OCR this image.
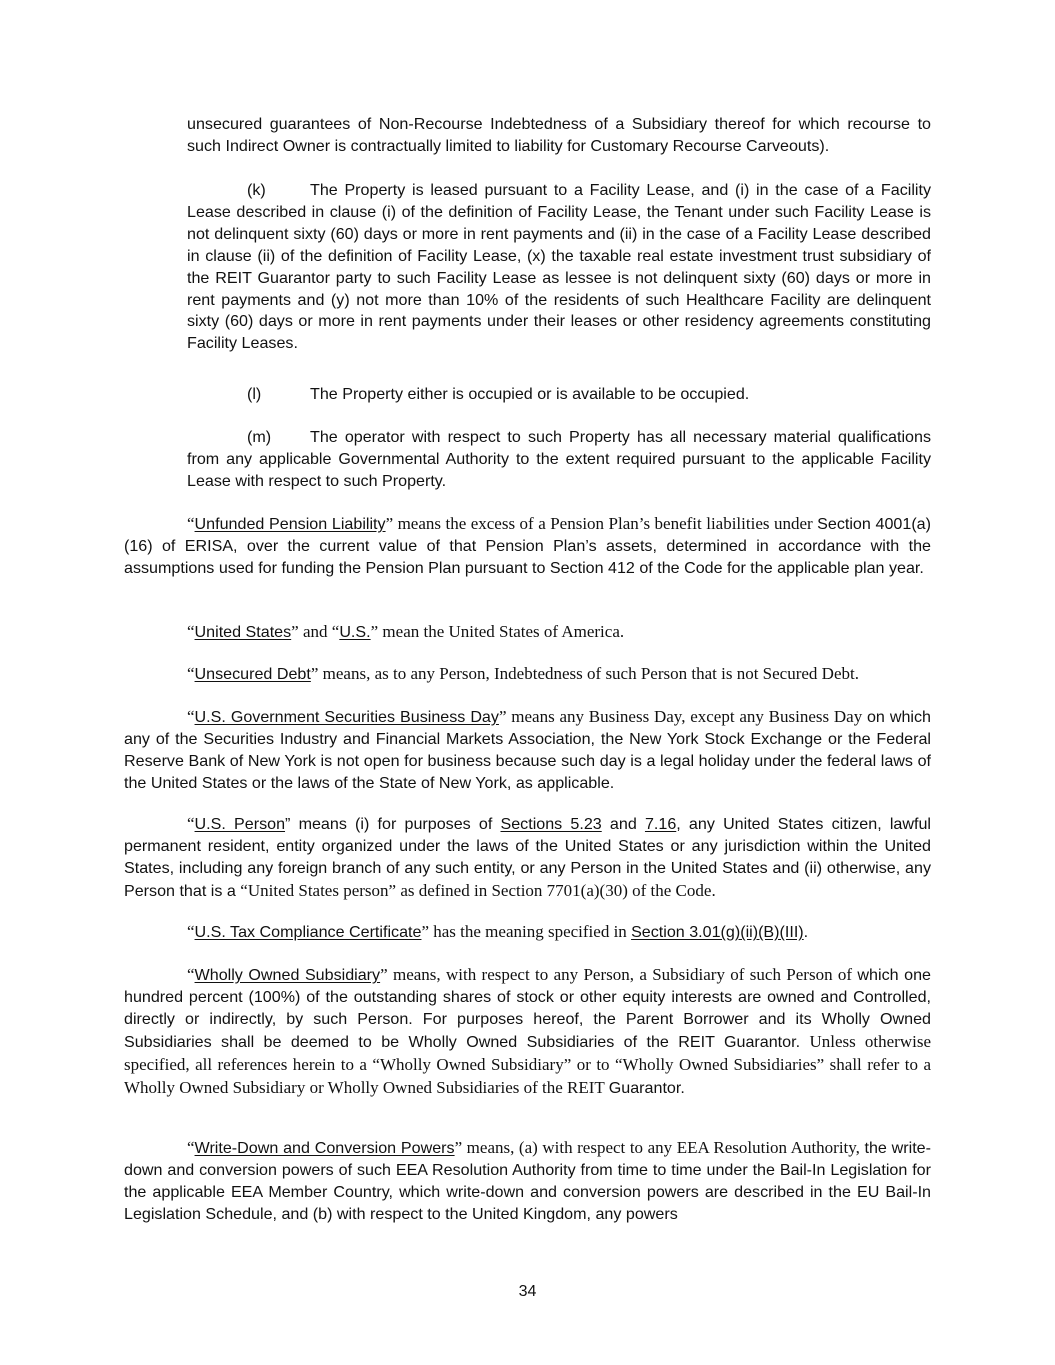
unsecured guarantees of Non-Recourse Indebtedness of a Subsidiary thereof for which recourse to such Indirect Owner is contractually limited to liability for Customary Recourse Carveouts).

(k)	The Property is leased pursuant to a Facility Lease, and (i) in the case of a Facility Lease described in clause (i) of the definition of Facility Lease, the Tenant under such Facility Lease is not delinquent sixty (60) days or more in rent payments and (ii) in the case of a Facility Lease described in clause (ii) of the definition of Facility Lease, (x) the taxable real estate investment trust subsidiary of the REIT Guarantor party to such Facility Lease as lessee is not delinquent sixty (60) days or more in rent payments and (y) not more than 10% of the residents of such Healthcare Facility are delinquent sixty (60) days or more in rent payments under their leases or other residency agreements constituting Facility Leases.

(l)	The Property either is occupied or is available to be occupied.

(m) The operator with respect to such Property has all necessary material qualifications from any applicable Governmental Authority to the extent required pursuant to the applicable Facility Lease with respect to such Property.

“Unfunded Pension Liability” means the excess of a Pension Plan’s benefit liabilities under Section 4001(a)(16) of ERISA, over the current value of that Pension Plan’s assets, determined in accordance with the assumptions used for funding the Pension Plan pursuant to Section 412 of the Code for the applicable plan year.

“United States” and “U.S.” mean the United States of America.

“Unsecured Debt” means, as to any Person, Indebtedness of such Person that is not Secured Debt.

“U.S. Government Securities Business Day” means any Business Day, except any Business Day on which any of the Securities Industry and Financial Markets Association, the New York Stock Exchange or the Federal Reserve Bank of New York is not open for business because such day is a legal holiday under the federal laws of the United States or the laws of the State of New York, as applicable.

“U.S. Person” means (i) for purposes of Sections 5.23 and 7.16, any United States citizen, lawful permanent resident, entity organized under the laws of the United States or any jurisdiction within the United States, including any foreign branch of any such entity, or any Person in the United States and (ii) otherwise, any Person that is a “United States person” as defined in Section 7701(a)(30) of the Code.

“U.S. Tax Compliance Certificate” has the meaning specified in Section 3.01(g)(ii)(B)(III).

“Wholly Owned Subsidiary” means, with respect to any Person, a Subsidiary of such Person of which one hundred percent (100%) of the outstanding shares of stock or other equity interests are owned and Controlled, directly or indirectly, by such Person. For purposes hereof, the Parent Borrower and its Wholly Owned Subsidiaries shall be deemed to be Wholly Owned Subsidiaries of the REIT Guarantor. Unless otherwise specified, all references herein to a “Wholly Owned Subsidiary” or to “Wholly Owned Subsidiaries” shall refer to a Wholly Owned Subsidiary or Wholly Owned Subsidiaries of the REIT Guarantor.

“Write-Down and Conversion Powers” means, (a) with respect to any EEA Resolution Authority, the write-down and conversion powers of such EEA Resolution Authority from time to time under the Bail-In Legislation for the applicable EEA Member Country, which write-down and conversion powers are described in the EU Bail-In Legislation Schedule, and (b) with respect to the United Kingdom, any powers

34
